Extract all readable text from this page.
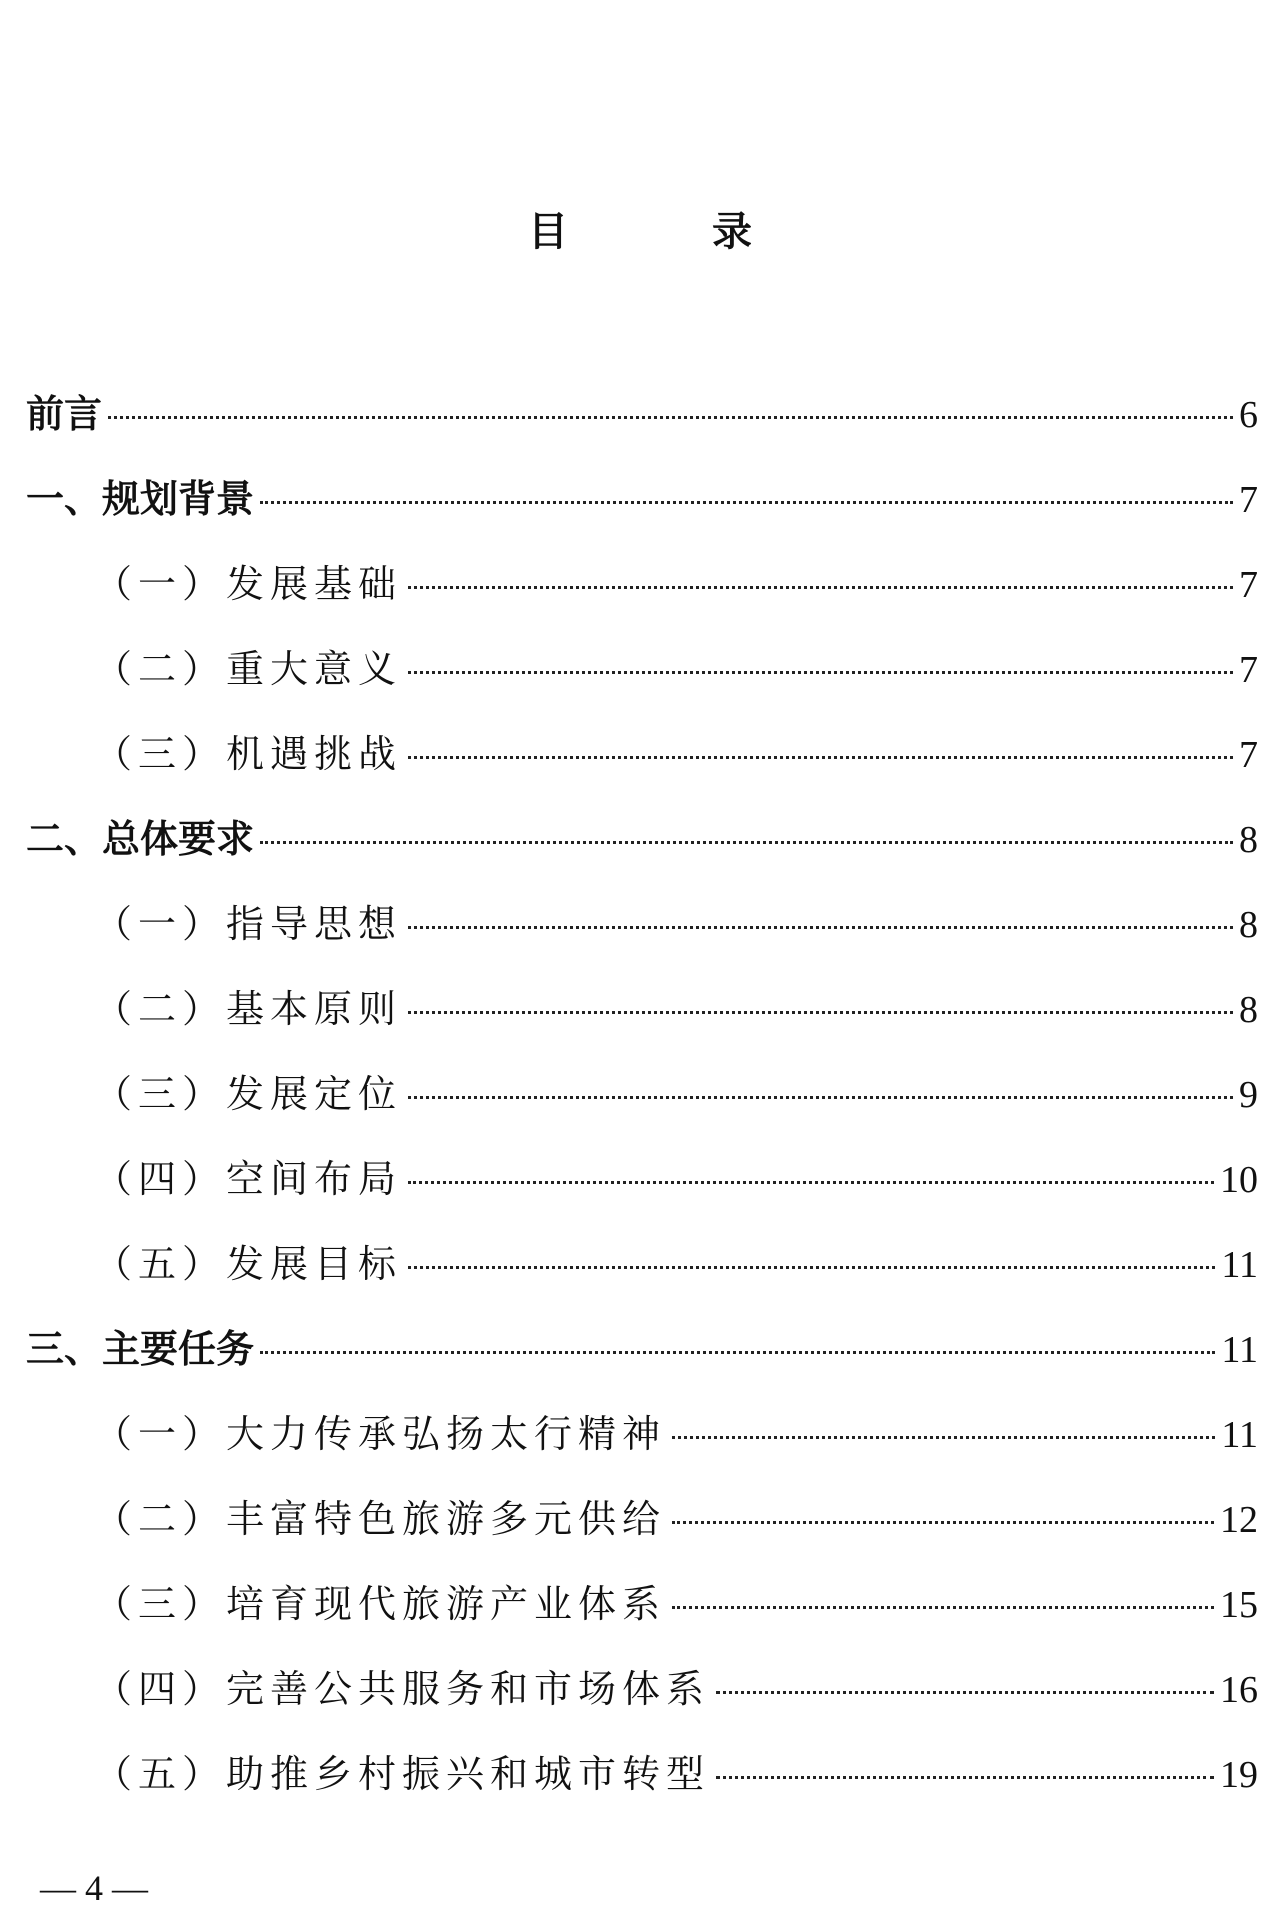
目　录
前言	6
一、规划背景	7
（一）发展基础	7
（二）重大意义	7
（三）机遇挑战	7
二、总体要求	8
（一）指导思想	8
（二）基本原则	8
（三）发展定位	9
（四）空间布局	10
（五）发展目标	11
三、主要任务	11
（一）大力传承弘扬太行精神	11
（二）丰富特色旅游多元供给	12
（三）培育现代旅游产业体系	15
（四）完善公共服务和市场体系	16
（五）助推乡村振兴和城市转型	19
— 4 —
